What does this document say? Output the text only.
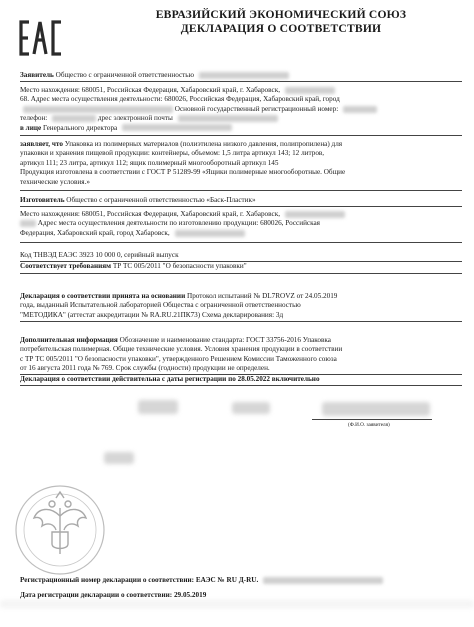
ЕВРАЗИЙСКИЙ ЭКОНОМИЧЕСКИЙ СОЮЗ
ДЕКЛАРАЦИЯ О СООТВЕТСТВИИ
Заявитель Общество с ограниченной ответственностью
Место нахождения: 680051, Российская Федерация, Хабаровский край, г. Хабаровск,
68. Адрес места осуществления деятельности: 680026, Российская Федерация, Хабаровский край, город
Основной государственный регистрационный номер:
телефон:	дрес электронной почты
в лице Генерального директора
заявляет, что Упаковка из полимерных материалов (полиэтилена низкого давления, полипропилена) для
упаковки и хранения пищевой продукции: контейнеры, объемом: 1,5 литра артикул 143; 12 литров,
артикул 111; 23 литра, артикул 112; ящик полимерный многооборотный артикул 145
Продукция изготовлена в соответствии с ГОСТ Р 51289-99 «Ящики полимерные многооборотные. Общие
технические условия.»
Изготовитель Общество с ограниченной ответственностью «Баск-Пластик»
Место нахождения: 680051, Российская Федерация, Хабаровский край, г. Хабаровск,
Адрес места осуществления деятельности по изготовлению продукции: 680026, Российская
Федерация, Хабаровский край, город Хабаровск,
Код ТНВЭД ЕАЭС 3923 10 000 0, серийный выпуск
Соответствует требованиям ТР ТС 005/2011 "О безопасности упаковки"
Декларация о соответствии принята на основании Протокол испытаний № DL7ROVZ от 24.05.2019
года, выданный Испытательной лабораторией Общества с ограниченной ответственностью
"МЕТОДИКА" (аттестат аккредитации № RA.RU.21ПК73) Схема декларирования: 3д
Дополнительная информация Обозначение и наименование стандарта: ГОСТ 33756-2016 Упаковка
потребительская полимерная. Общие технические условия. Условия хранения продукции в соответствии
с ТР ТС 005/2011 "О безопасности упаковки", утвержденного Решением Комиссии Таможенного союза
от 16 августа 2011 года № 769. Срок службы (годности) продукции не определен.
Декларация о соответствии действительна с даты регистрации по 28.05.2022 включительно
(Ф.И.О. заявителя)
Регистрационный номер декларации о соответствии: ЕАЭС № RU Д-RU.
Дата регистрации декларации о соответствии: 29.05.2019
